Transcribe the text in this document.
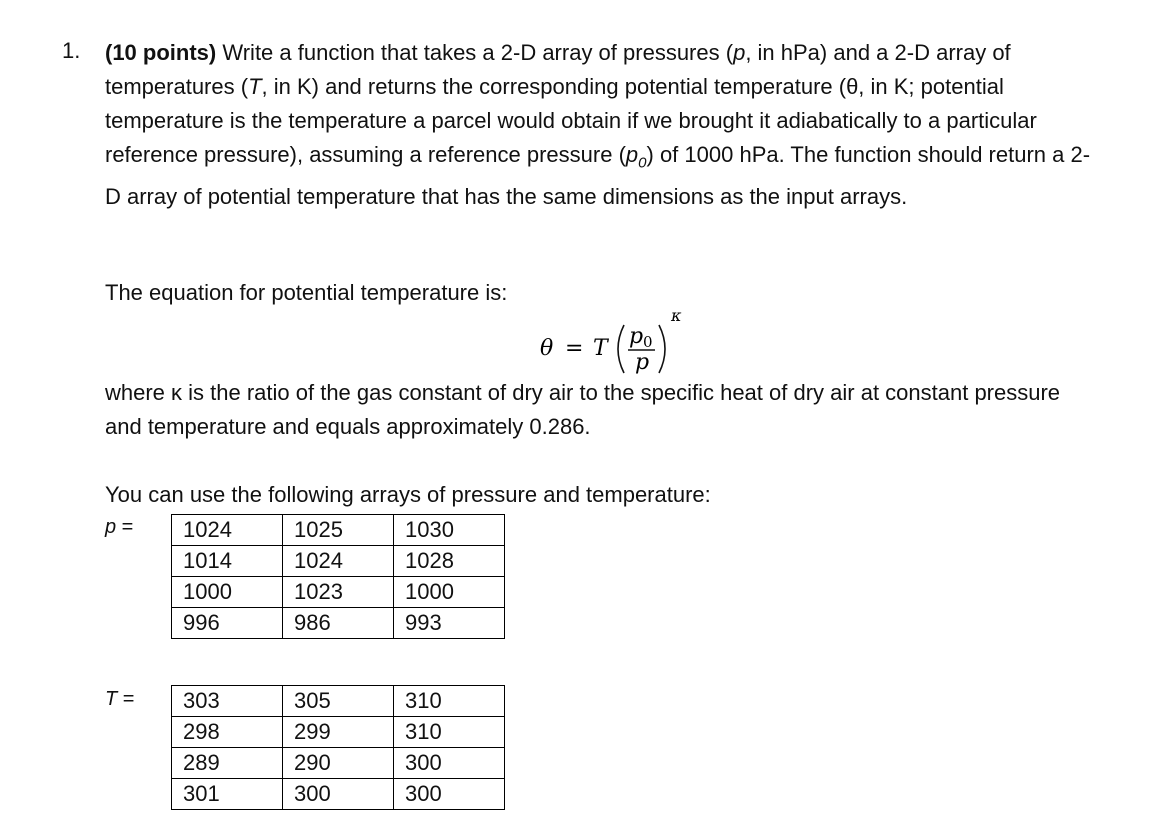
1. (10 points) Write a function that takes a 2-D array of pressures (p, in hPa) and a 2-D array of temperatures (T, in K) and returns the corresponding potential temperature (θ, in K; potential temperature is the temperature a parcel would obtain if we brought it adiabatically to a particular reference pressure), assuming a reference pressure $(p_0)$ of 1000 hPa. The function should return a 2-D array of potential temperature that has the same dimensions as the input arrays.

The equation for potential temperature is:

θ = T p 0
p
κ

where κ is the ratio of the gas constant of dry air to the specific heat of dry air at constant pressure and temperature and equals approximately 0.286.

You can use the following arrays of pressure and temperature:

p = 1024	1025	1030
1014	1024	1028
1000	1023	1000
996	986	993
T = 303	305	310
298	299	310
289	290	300
301	300	300
